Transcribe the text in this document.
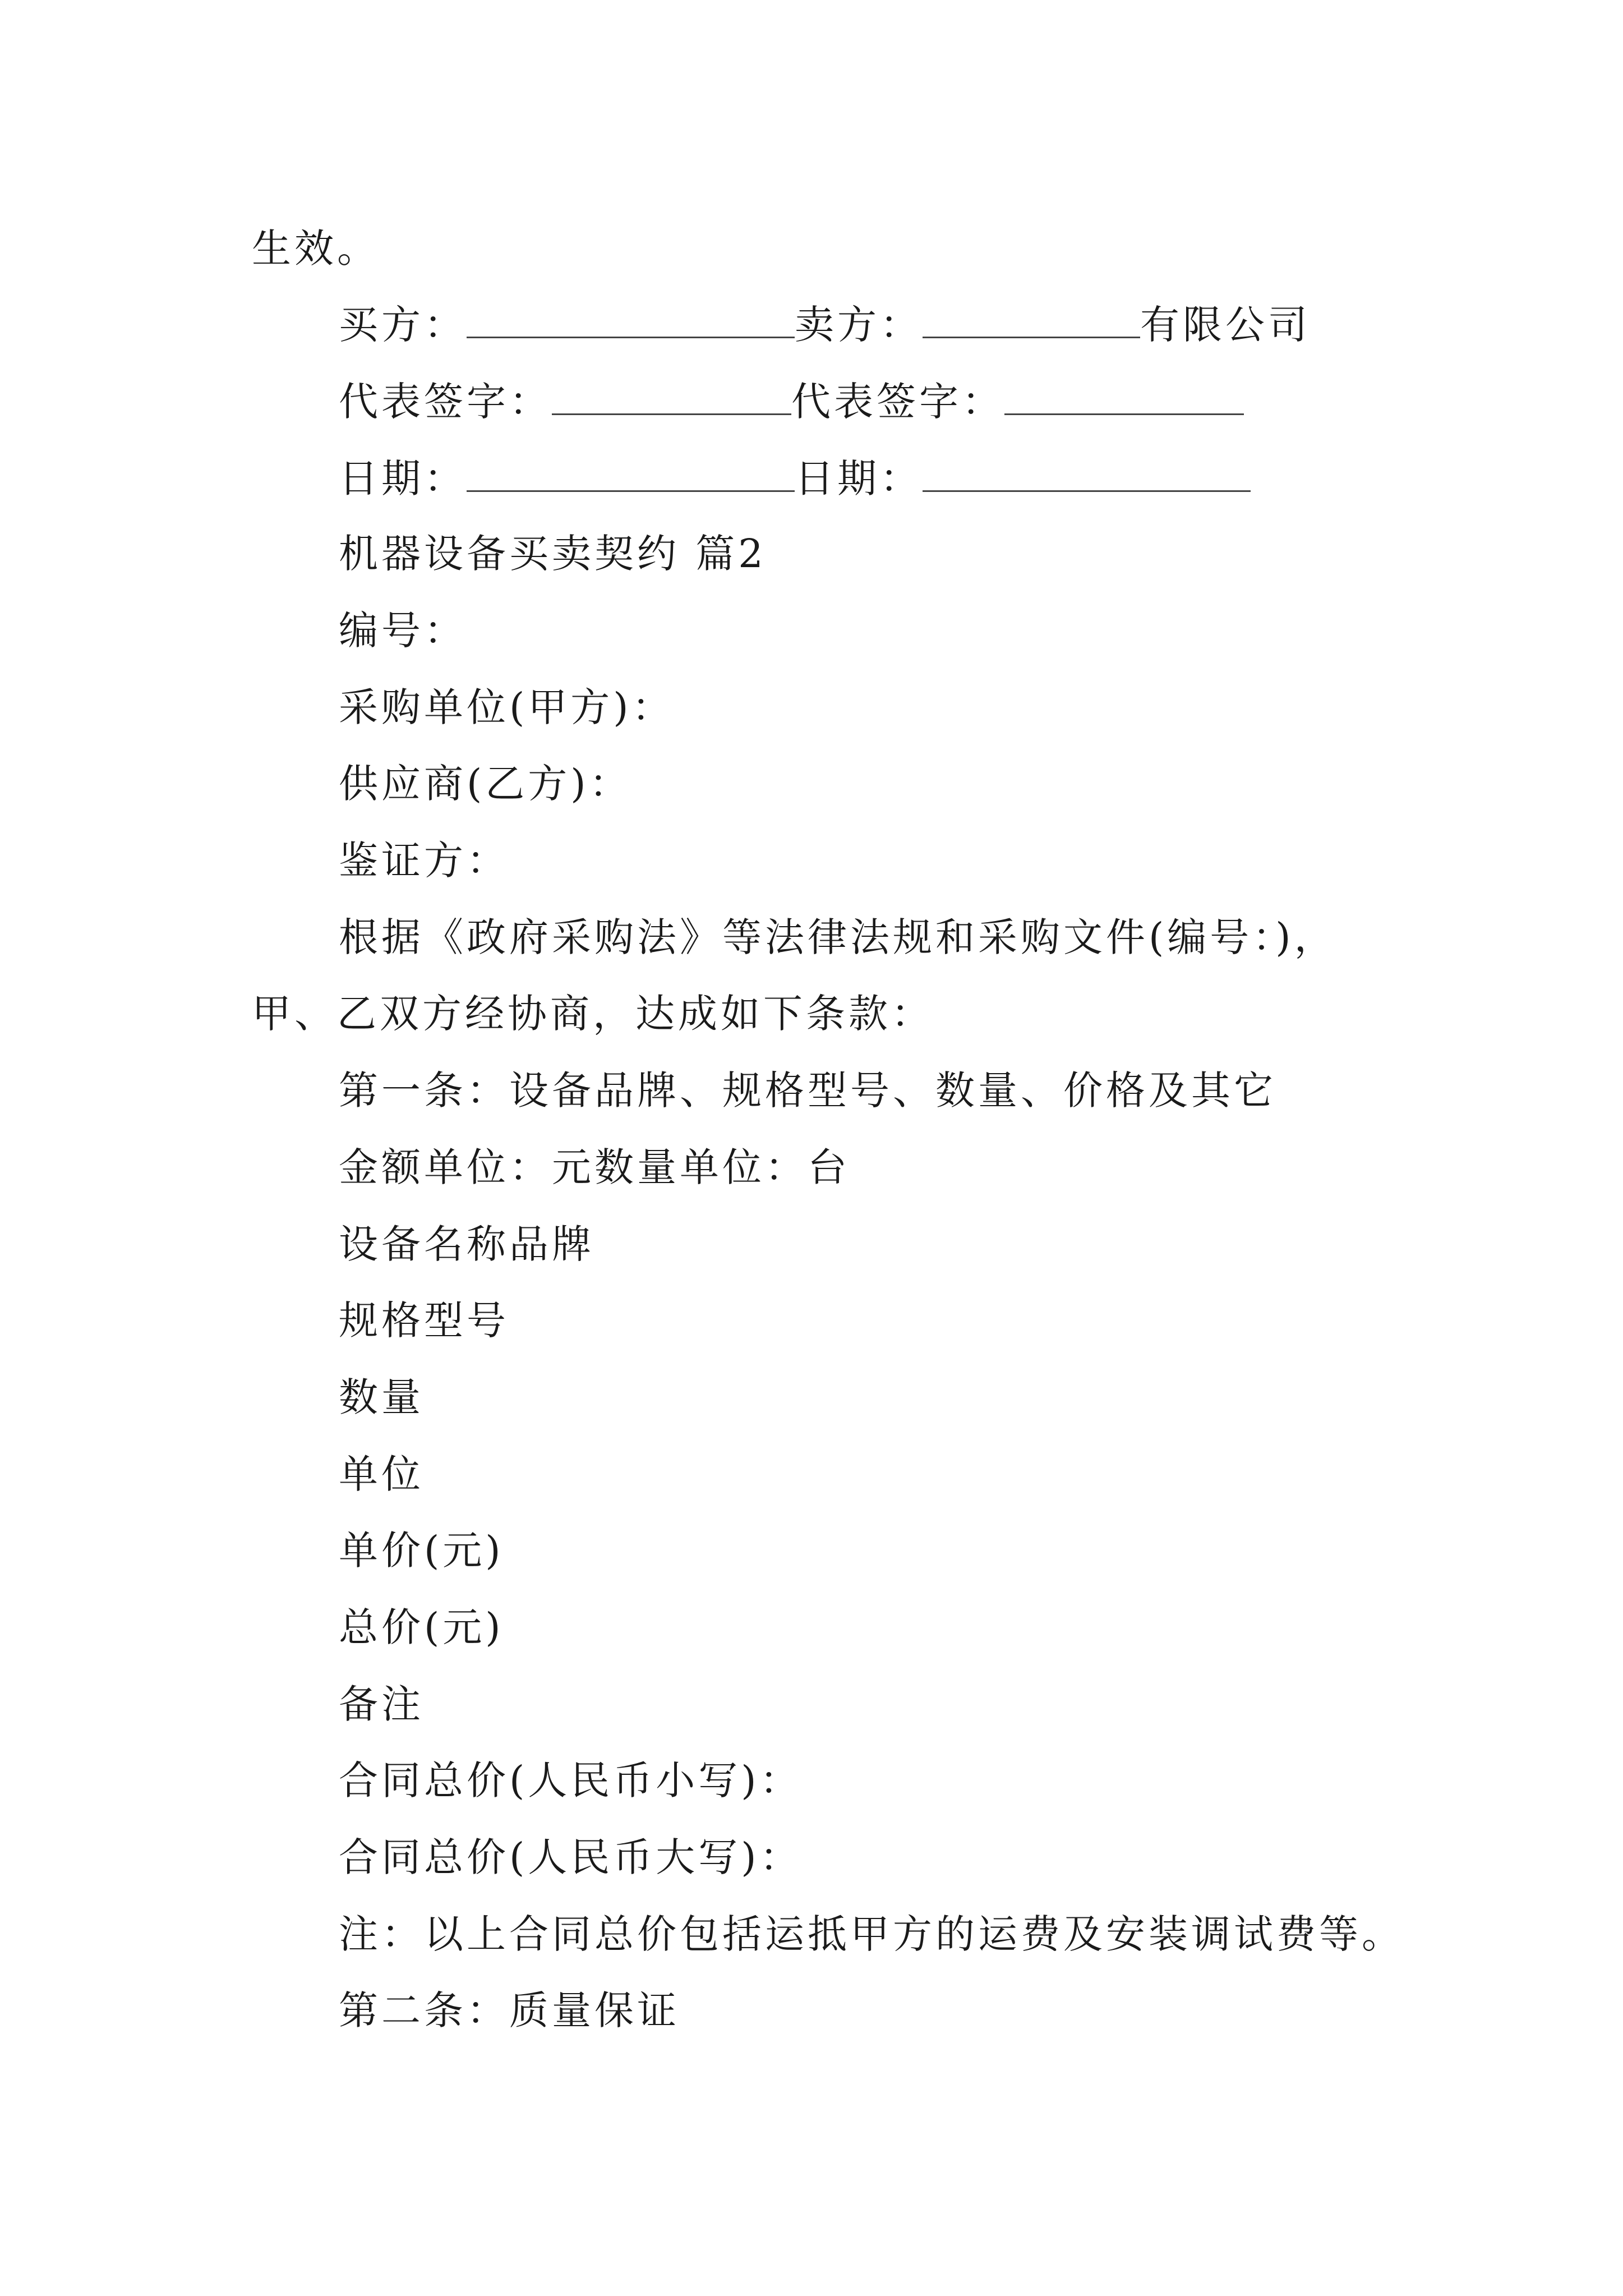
生效。
买方：	卖方：	有限公司
代表签字：	代表签字：
日期：	日期：
机器设备买卖契约 篇2
编号：
采购单位(甲方)：
供应商(乙方)：
鉴证方：
根据《政府采购法》等法律法规和采购文件(编号：)，
甲、乙双方经协商，达成如下条款：
第一条：设备品牌、规格型号、数量、价格及其它
金额单位：元数量单位：台
设备名称品牌
规格型号
数量
单位
单价(元)
总价(元)
备注
合同总价(人民币小写)：
合同总价(人民币大写)：
注：以上合同总价包括运抵甲方的运费及安装调试费等。
第二条：质量保证
